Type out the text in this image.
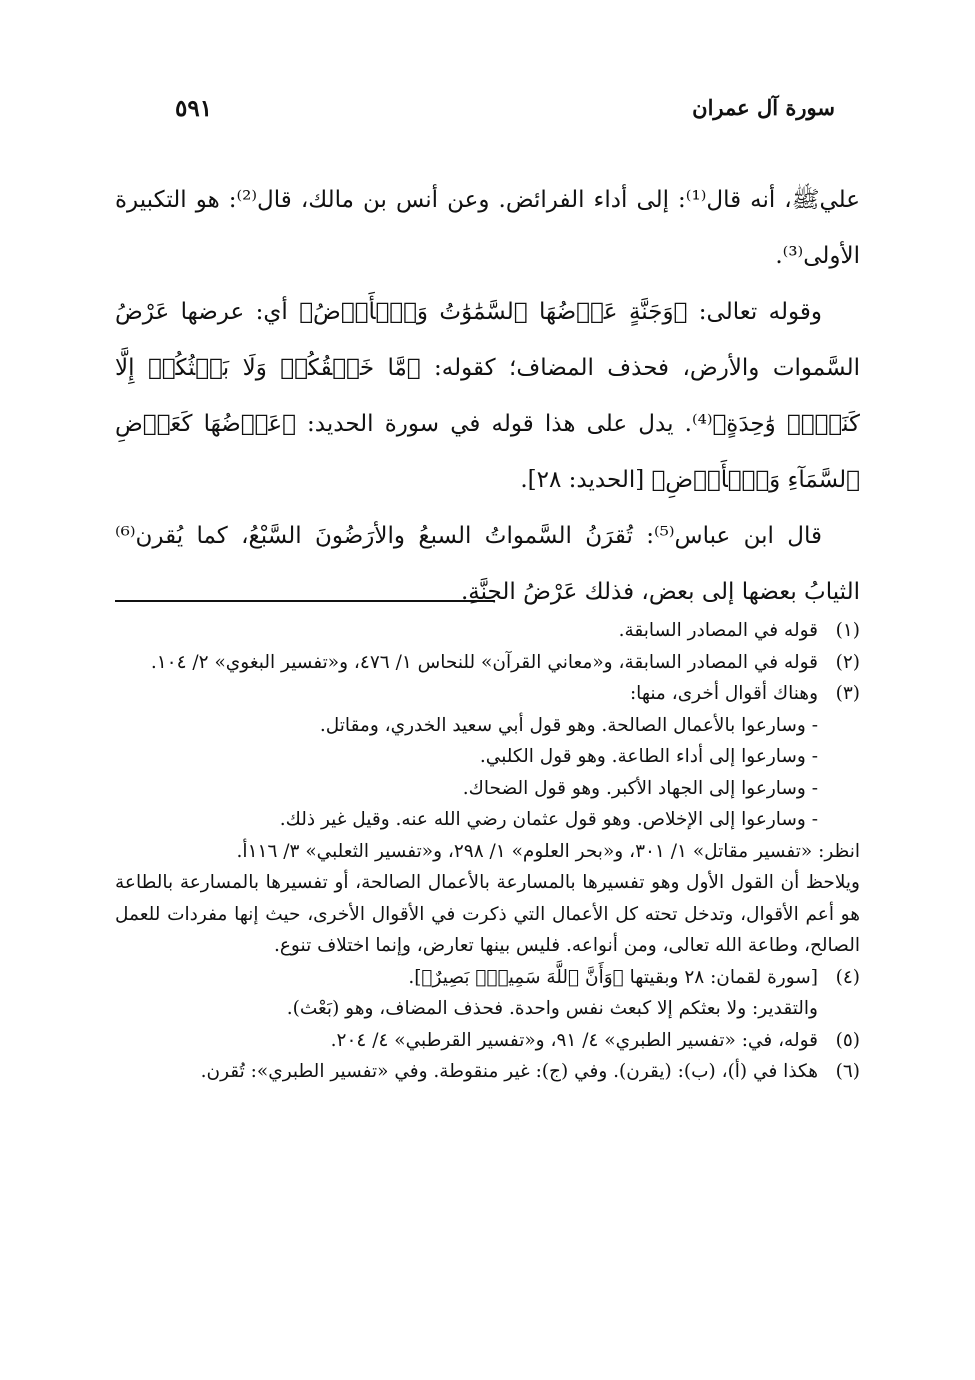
سورة آل عمران
٥٩١

عليﷺ، أنه قال⁽¹⁾: إلى أداء الفرائض. وعن أنس بن مالك، قال⁽²⁾: هو التكبيرة الأولى⁽³⁾.

وقوله تعالى: ﴿وَجَنَّةٍ عَرۡضُهَا ٱلسَّمَٰوَٰتُ وَٱلۡأَرۡضُ﴾ أي: عرضها عَرْضُ السَّموات والأرض، فحذف المضاف؛ كقوله: ﴿مَّا خَلۡقُكُمۡ وَلَا بَعۡثُكُمۡ إِلَّا كَنَفۡسٖ وَٰحِدَةٍ﴾⁽⁴⁾. يدل على هذا قوله في سورة الحديد: ﴿عَرۡضُهَا كَعَرۡضِ ٱلسَّمَآءِ وَٱلۡأَرۡضِ﴾ [الحديد: ٢٨].

قال ابن عباس⁽⁵⁾: تُقرَنُ السَّمواتُ السبعُ والأرَضُونَ السَّبْعُ، كما يُقرن⁽⁶⁾ الثيابُ بعضها إلى بعض، فذلك عَرْضُ الجنَّةِ.

(١)
قوله في المصادر السابقة.
(٢)
قوله في المصادر السابقة، و«معاني القرآن» للنحاس ١/ ٤٧٦، و«تفسير البغوي» ٢/ ١٠٤.
(٣)
وهناك أقوال أخرى، منها:
- وسارعوا بالأعمال الصالحة. وهو قول أبي سعيد الخدري، ومقاتل.
- وسارعوا إلى أداء الطاعة. وهو قول الكلبي.
- وسارعوا إلى الجهاد الأكبر. وهو قول الضحاك.
- وسارعوا إلى الإخلاص. وهو قول عثمان رضي الله عنه. وقيل غير ذلك.
انظر: «تفسير مقاتل» ١/ ٣٠١، و«بحر العلوم» ١/ ٢٩٨، و«تفسير الثعلبي» ٣/ ١١٦أ.
ويلاحظ أن القول الأول وهو تفسيرها بالمسارعة بالأعمال الصالحة، أو تفسيرها بالمسارعة بالطاعة هو أعم الأقوال، وتدخل تحته كل الأعمال التي ذكرت في الأقوال الأخرى، حيث إنها مفردات للعمل الصالح، وطاعة الله تعالى، ومن أنواعه. فليس بينها تعارض، وإنما اختلاف تنوع.
(٤)
[سورة لقمان: ٢٨ وبقيتها ﴿وَأَنَّ ٱللَّهَ سَمِيعُۢ بَصِيرٌ﴾].
والتقدير: ولا بعثكم إلا كبعث نفس واحدة. فحذف المضاف، وهو (بَعْث).
(٥)
قوله، في: «تفسير الطبري» ٤/ ٩١، و«تفسير القرطبي» ٤/ ٢٠٤.
(٦)
هكذا في (أ)، (ب): (يقرن). وفي (ج): غير منقوطة. وفي «تفسير الطبري»: تُقرن.
